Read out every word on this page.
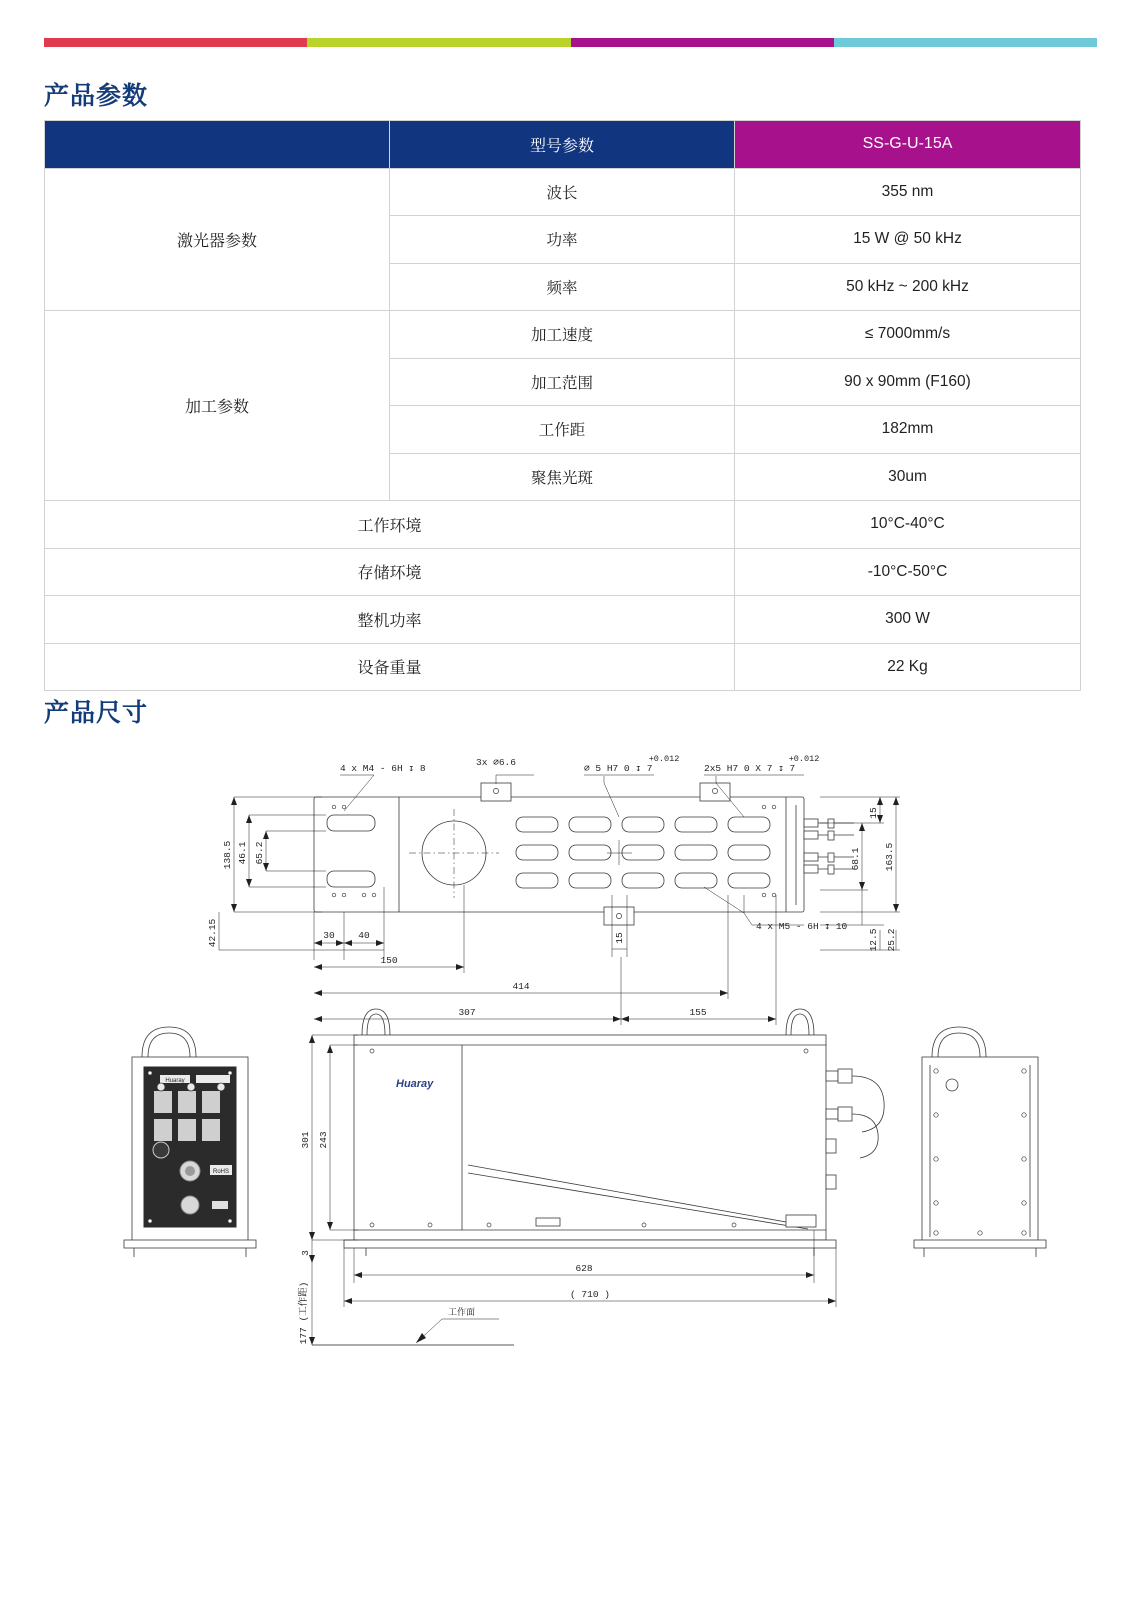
产品参数
产品尺寸
	型号参数	SS-G-U-15A
激光器参数	波长	355 nm
	功率	15 W @ 50 kHz
	频率	50 kHz ~ 200 kHz
加工参数	加工速度	≤ 7000mm/s
	加工范围	90 x 90mm (F160)
	工作距	182mm
	聚焦光斑	30um
工作环境		10°C-40°C
存储环境		-10°C-50°C
整机功率		300 W
设备重量		22 Kg
4 x M4 - 6H ↧ 8
3x ⌀6.6
⌀ 5 H7 0 ↧ 7
+0.012
2x5 H7 0 X 7 ↧ 7
+0.012
4 x M5 - 6H ↧ 10
138.5 46.1 65.2
42.15	30 40
150
15
414
307	155
15
163.5
68.1
12.5 25.2
Huaray
RoHS
Huaray
301 243
3
177 (工作距)
628
( 710 )
工作面
